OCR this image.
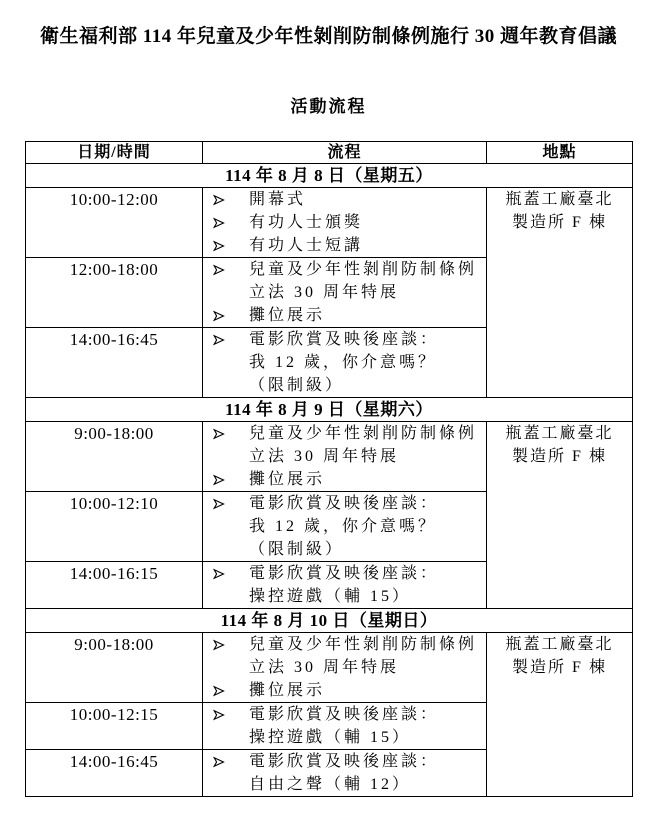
衛生福利部 114 年兒童及少年性剝削防制條例施行 30 週年教育倡議
活動流程
日期/時間	流程	地點
114 年 8 月 8 日（星期五）		
10:00-12:00	開幕式
有功人士頒獎
有功人士短講

瓶蓋工廠臺北
製造所 F 棟

12:00-18:00	兒童及少年性剝削防制條例
立法 30 周年特展
攤位展示	

14:00-16:45	電影欣賞及映後座談：
我 12 歲，你介意嗎？
（限制級）	

114 年 8 月 9 日（星期六）		
9:00-18:00	兒童及少年性剝削防制條例
立法 30 周年特展
攤位展示

瓶蓋工廠臺北
製造所 F 棟

10:00-12:10	電影欣賞及映後座談：
我 12 歲，你介意嗎？
（限制級）	

14:00-16:15	電影欣賞及映後座談：
操控遊戲（輔 15）	

114 年 8 月 10 日（星期日）		
9:00-18:00	兒童及少年性剝削防制條例
立法 30 周年特展
攤位展示

瓶蓋工廠臺北
製造所 F 棟

10:00-12:15	電影欣賞及映後座談：
操控遊戲（輔 15）	

14:00-16:45	電影欣賞及映後座談：
自由之聲（輔 12）	
